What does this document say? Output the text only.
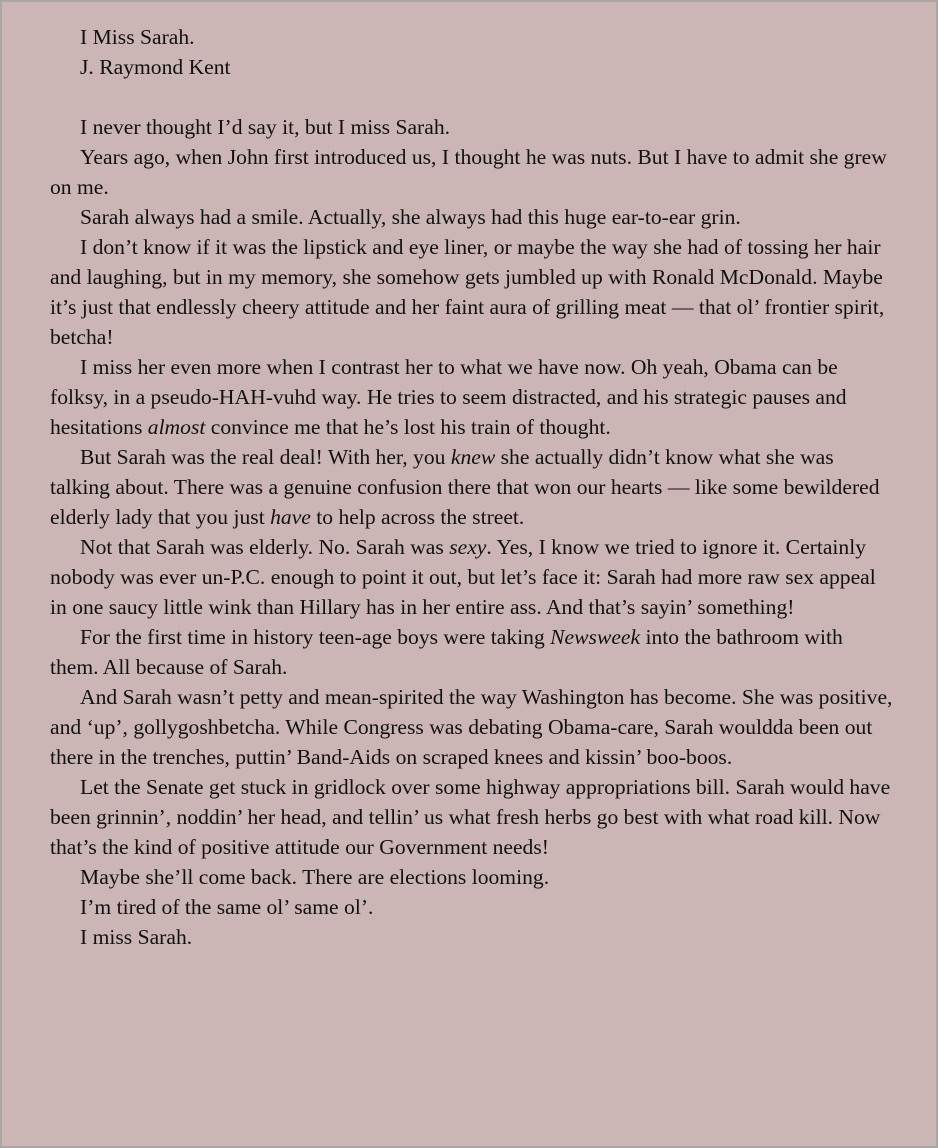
I Miss Sarah.
J. Raymond Kent

I never thought I’d say it, but I miss Sarah.

Years ago, when John first introduced us, I thought he was nuts. But I have to admit she grew on me.

Sarah always had a smile. Actually, she always had this huge ear-to-ear grin.

I don’t know if it was the lipstick and eye liner, or maybe the way she had of tossing her hair and laughing, but in my memory, she somehow gets jumbled up with Ronald McDonald. Maybe it’s just that endlessly cheery attitude and her faint aura of grilling meat — that ol’ frontier spirit, betcha!

I miss her even more when I contrast her to what we have now. Oh yeah, Obama can be folksy, in a pseudo-HAH-vuhd way. He tries to seem distracted, and his strategic pauses and hesitations almost convince me that he’s lost his train of thought.

But Sarah was the real deal! With her, you knew she actually didn’t know what she was talking about. There was a genuine confusion there that won our hearts — like some bewildered elderly lady that you just have to help across the street.

Not that Sarah was elderly. No. Sarah was sexy. Yes, I know we tried to ignore it. Certainly nobody was ever un-P.C. enough to point it out, but let’s face it: Sarah had more raw sex appeal in one saucy little wink than Hillary has in her entire ass. And that’s sayin’ something!

For the first time in history teen-age boys were taking Newsweek into the bathroom with them. All because of Sarah.

And Sarah wasn’t petty and mean-spirited the way Washington has become. She was positive, and ‘up’, gollygoshbetcha. While Congress was debating Obama-care, Sarah wouldda been out there in the trenches, puttin’ Band-Aids on scraped knees and kissin’ boo-boos.

Let the Senate get stuck in gridlock over some highway appropriations bill. Sarah would have been grinnin’, noddin’ her head, and tellin’ us what fresh herbs go best with what road kill. Now that’s the kind of positive attitude our Government needs!

Maybe she’ll come back. There are elections looming.

I’m tired of the same ol’ same ol’.

I miss Sarah.
